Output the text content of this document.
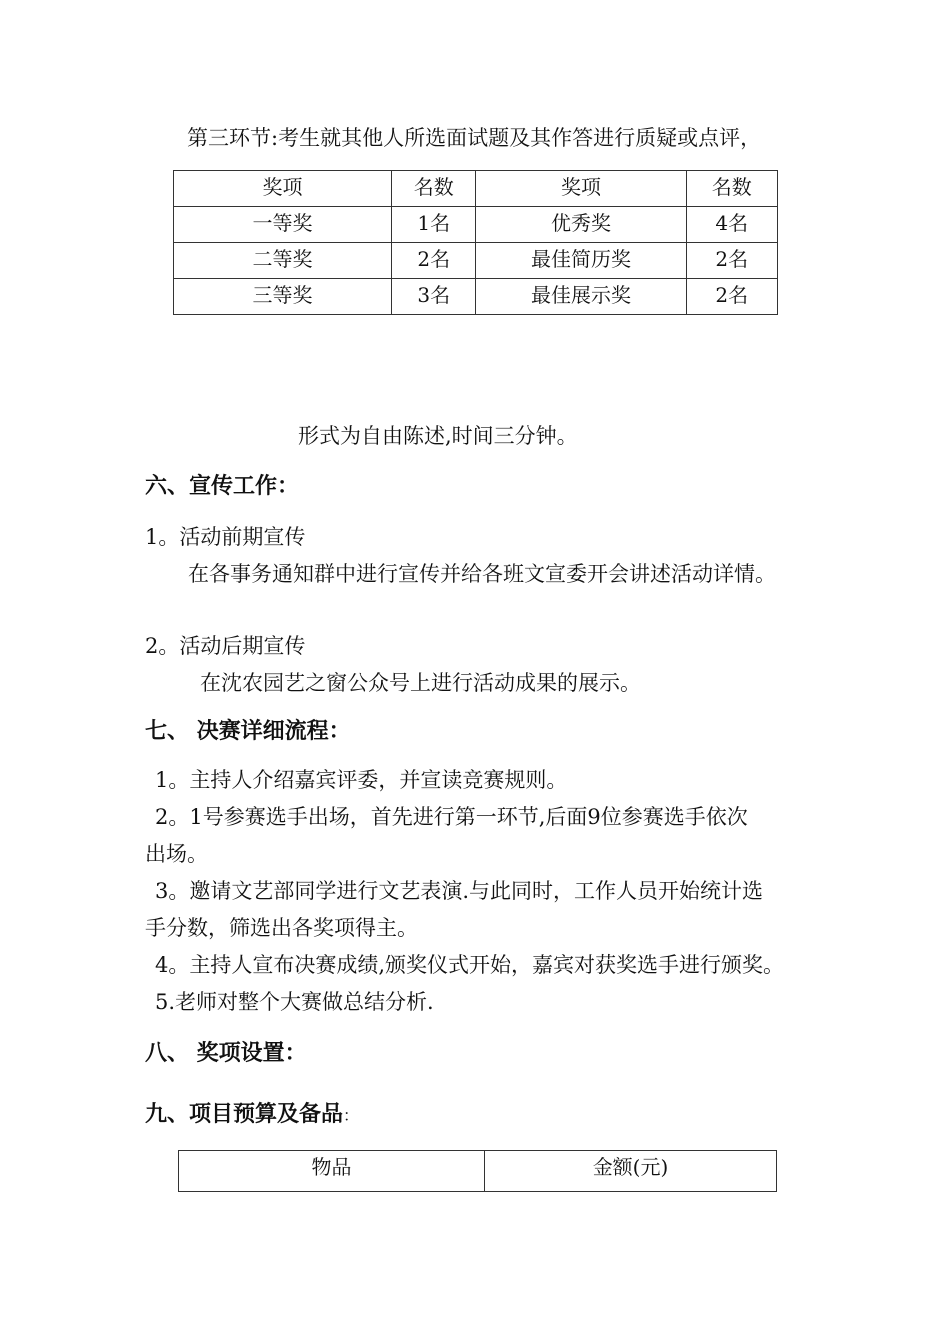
第三环节:考生就其他人所选面试题及其作答进行质疑或点评，
奖项	名数	奖项	名数
一等奖	1名	优秀奖	4名
二等奖	2名	最佳简历奖	2名
三等奖	3名	最佳展示奖	2名
形式为自由陈述,时间三分钟。
六、宣传工作：
1。活动前期宣传
在各事务通知群中进行宣传并给各班文宣委开会讲述活动详情。
2。活动后期宣传
在沈农园艺之窗公众号上进行活动成果的展示。
七、 决赛详细流程：
1。主持人介绍嘉宾评委，并宣读竞赛规则。
2。1号参赛选手出场，首先进行第一环节,后面9位参赛选手依次
出场。
3。邀请文艺部同学进行文艺表演.与此同时，工作人员开始统计选
手分数，筛选出各奖项得主。
4。主持人宣布决赛成绩,颁奖仪式开始，嘉宾对获奖选手进行颁奖。
5.老师对整个大赛做总结分析.
八、 奖项设置：
九、项目预算及备品：
物品	金额(元)
